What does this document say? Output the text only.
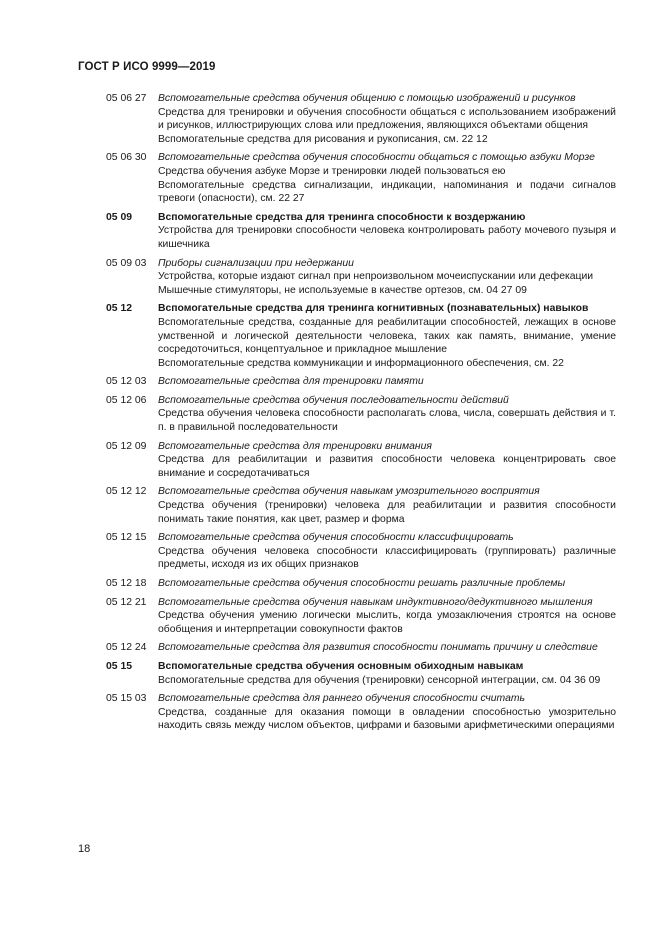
ГОСТ Р ИСО 9999—2019
05 06 27	Вспомогательные средства обучения общению с помощью изображений и рисунков
Средства для тренировки и обучения способности общаться с использованием изображений и рисунков, иллюстрирующих слова или предложения, являющихся объектами общения
Вспомогательные средства для рисования и рукописания, см. 22 12
05 06 30	Вспомогательные средства обучения способности общаться с помощью азбуки Морзе
Средства обучения азбуке Морзе и тренировки людей пользоваться ею
Вспомогательные средства сигнализации, индикации, напоминания и подачи сигналов тревоги (опасности), см. 22 27
05 09	Вспомогательные средства для тренинга способности к воздержанию
Устройства для тренировки способности человека контролировать работу мочевого пузыря и кишечника
05 09 03	Приборы сигнализации при недержании
Устройства, которые издают сигнал при непроизвольном мочеиспускании или дефекации
Мышечные стимуляторы, не используемые в качестве ортезов, см. 04 27 09
05 12	Вспомогательные средства для тренинга когнитивных (познавательных) навыков
Вспомогательные средства, созданные для реабилитации способностей, лежащих в основе умственной и логической деятельности человека, таких как память, внимание, умение сосредоточиться, концептуальное и прикладное мышление
Вспомогательные средства коммуникации и информационного обеспечения, см. 22
05 12 03	Вспомогательные средства для тренировки памяти
05 12 06	Вспомогательные средства обучения последовательности действий
Средства обучения человека способности располагать слова, числа, совершать действия и т. п. в правильной последовательности
05 12 09	Вспомогательные средства для тренировки внимания
Средства для реабилитации и развития способности человека концентрировать свое внимание и сосредотачиваться
05 12 12	Вспомогательные средства обучения навыкам умозрительного восприятия
Средства обучения (тренировки) человека для реабилитации и развития способности понимать такие понятия, как цвет, размер и форма
05 12 15	Вспомогательные средства обучения способности классифицировать
Средства обучения человека способности классифицировать (группировать) различные предметы, исходя из их общих признаков
05 12 18	Вспомогательные средства обучения способности решать различные проблемы
05 12 21	Вспомогательные средства обучения навыкам индуктивного/дедуктивного мышления
Средства обучения умению логически мыслить, когда умозаключения строятся на основе обобщения и интерпретации совокупности фактов
05 12 24	Вспомогательные средства для развития способности понимать причину и следствие
05 15	Вспомогательные средства обучения основным обиходным навыкам
Вспомогательные средства для обучения (тренировки) сенсорной интеграции, см. 04 36 09
05 15 03	Вспомогательные средства для раннего обучения способности считать
Средства, созданные для оказания помощи в овладении способностью умозрительно находить связь между числом объектов, цифрами и базовыми арифметическими операциями
18
